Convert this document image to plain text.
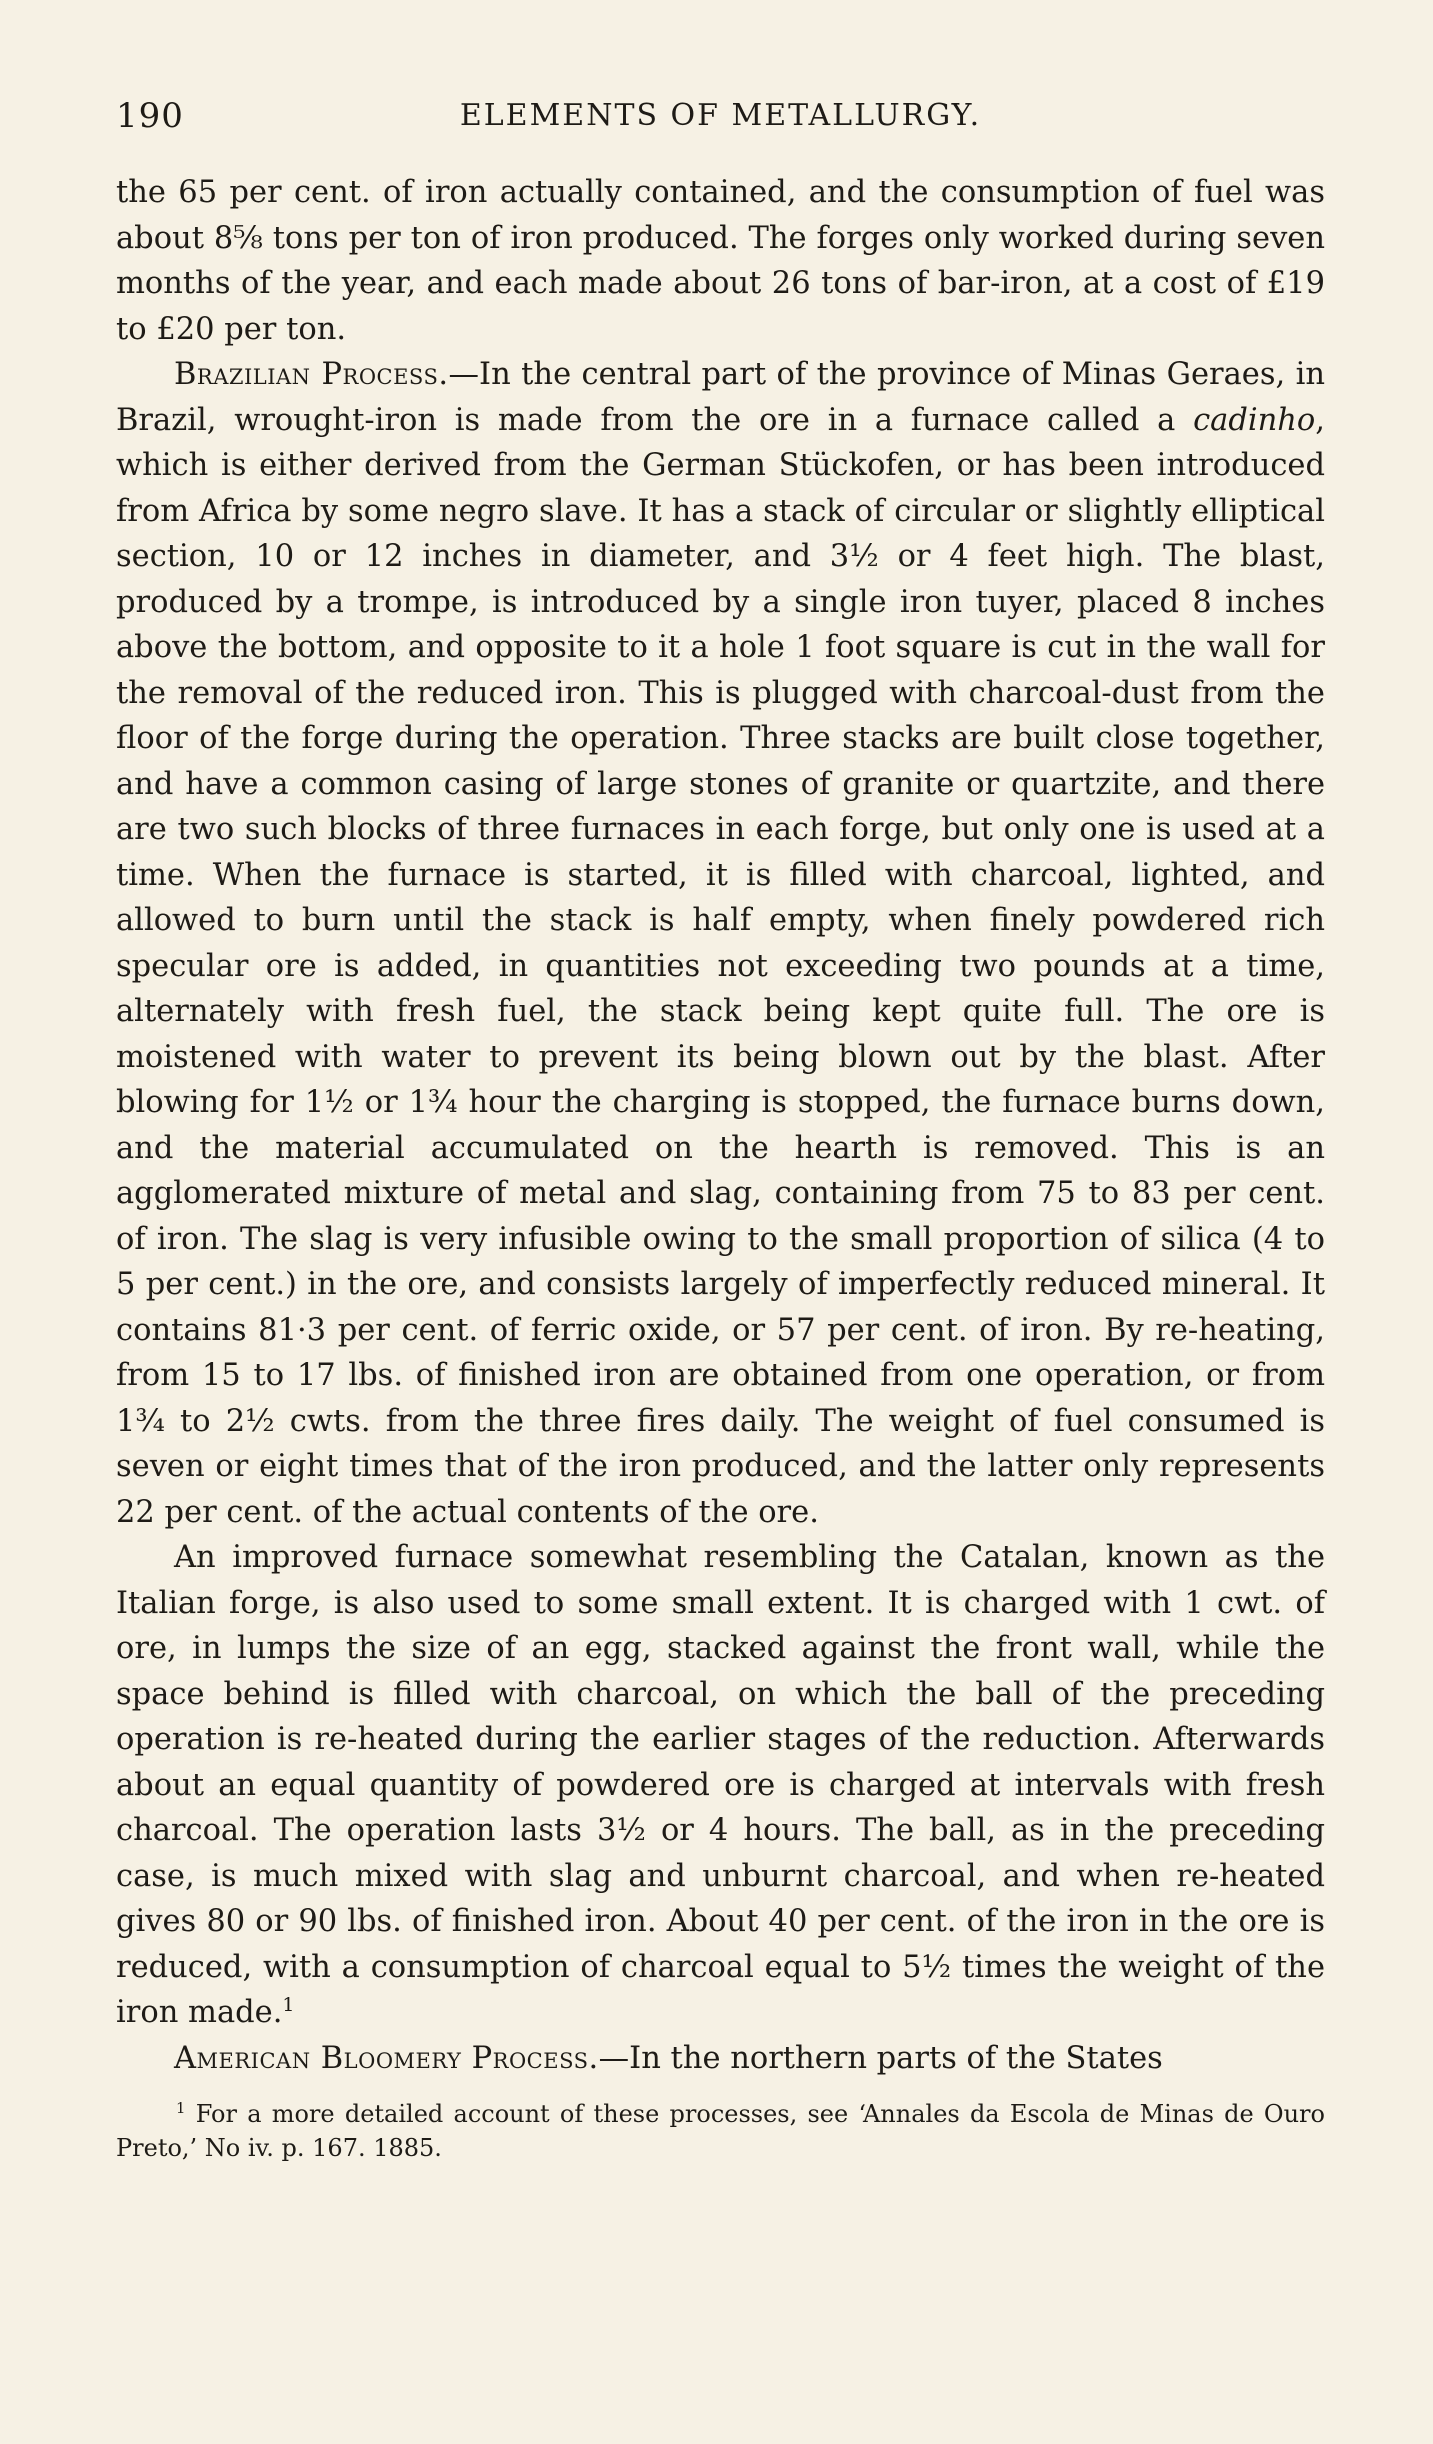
190	ELEMENTS OF METALLURGY.

the 65 per cent. of iron actually contained, and the consumption of fuel was about 8⅝ tons per ton of iron produced. The forges only worked during seven months of the year, and each made about 26 tons of bar-iron, at a cost of £19 to £20 per ton.

Brazilian Process.—In the central part of the province of Minas Geraes, in Brazil, wrought-iron is made from the ore in a furnace called a cadinho, which is either derived from the German Stückofen, or has been introduced from Africa by some negro slave. It has a stack of circular or slightly elliptical section, 10 or 12 inches in diameter, and 3½ or 4 feet high. The blast, produced by a trompe, is introduced by a single iron tuyer, placed 8 inches above the bottom, and opposite to it a hole 1 foot square is cut in the wall for the removal of the reduced iron. This is plugged with charcoal-dust from the floor of the forge during the operation. Three stacks are built close together, and have a common casing of large stones of granite or quartzite, and there are two such blocks of three furnaces in each forge, but only one is used at a time. When the furnace is started, it is filled with charcoal, lighted, and allowed to burn until the stack is half empty, when finely powdered rich specular ore is added, in quantities not exceeding two pounds at a time, alternately with fresh fuel, the stack being kept quite full. The ore is moistened with water to prevent its being blown out by the blast. After blowing for 1½ or 1¾ hour the charging is stopped, the furnace burns down, and the material accumulated on the hearth is removed. This is an agglomerated mixture of metal and slag, containing from 75 to 83 per cent. of iron. The slag is very infusible owing to the small proportion of silica (4 to 5 per cent.) in the ore, and consists largely of imperfectly reduced mineral. It contains 81·3 per cent. of ferric oxide, or 57 per cent. of iron. By re-heating, from 15 to 17 lbs. of finished iron are obtained from one operation, or from 1¾ to 2½ cwts. from the three fires daily. The weight of fuel consumed is seven or eight times that of the iron produced, and the latter only represents 22 per cent. of the actual contents of the ore.

An improved furnace somewhat resembling the Catalan, known as the Italian forge, is also used to some small extent. It is charged with 1 cwt. of ore, in lumps the size of an egg, stacked against the front wall, while the space behind is filled with charcoal, on which the ball of the preceding operation is re-heated during the earlier stages of the reduction. Afterwards about an equal quantity of powdered ore is charged at intervals with fresh charcoal. The operation lasts 3½ or 4 hours. The ball, as in the preceding case, is much mixed with slag and unburnt charcoal, and when re-heated gives 80 or 90 lbs. of finished iron. About 40 per cent. of the iron in the ore is reduced, with a consumption of charcoal equal to 5½ times the weight of the iron made.$^1$

American Bloomery Process.—In the northern parts of the States

$^1$ For a more detailed account of these processes, see ‘Annales da Escola de Minas de Ouro Preto,’ No iv. p. 167. 1885.
